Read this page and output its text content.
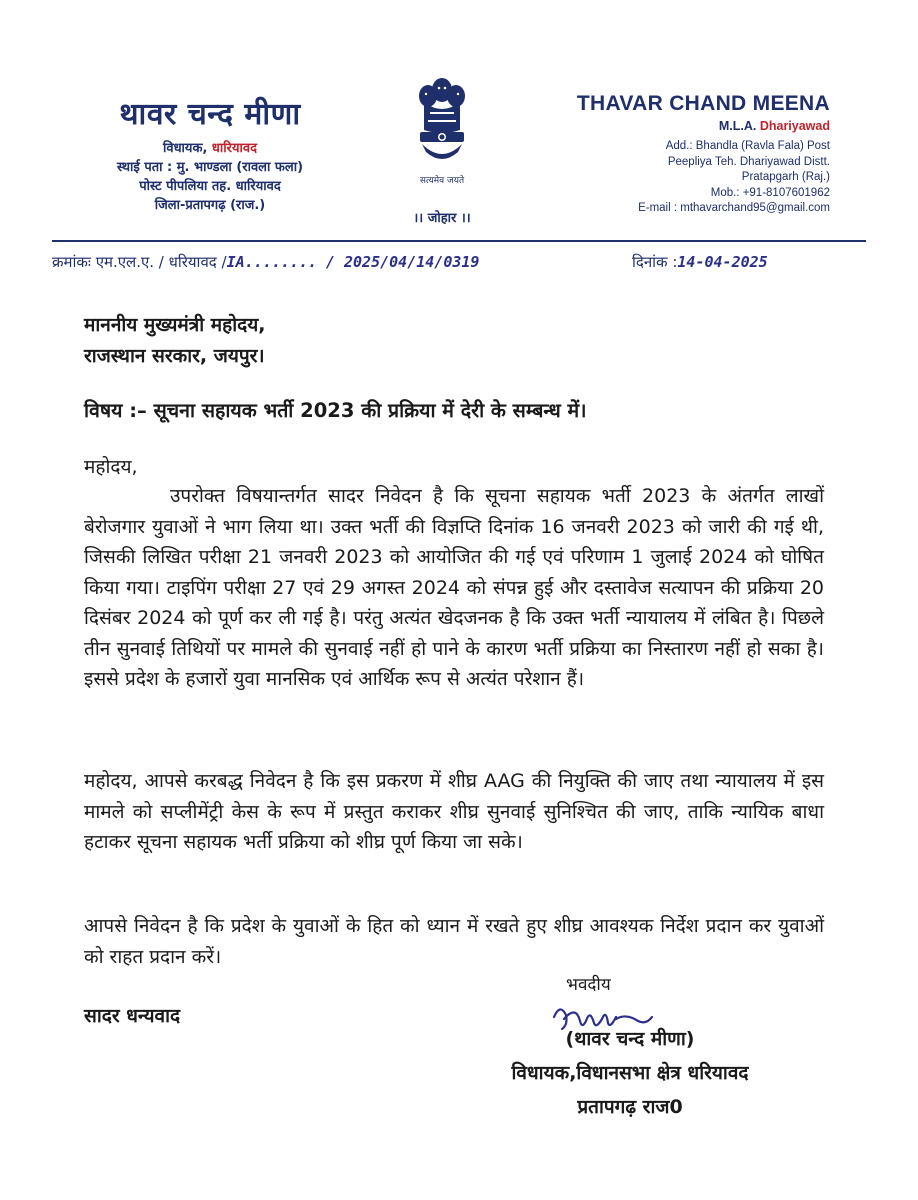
थावर चन्द मीणा
विधायक, धारियावद
स्थाई पता : मु. भाण्डला (रावला फला)
पोस्ट पीपलिया तह. धारियावद
जिला-प्रतापगढ़ (राज.)
सत्यमेव जयते
।। जोहार ।।
THAVAR CHAND MEENA
M.L.A. Dhariyawad
Add.: Bhandla (Ravla Fala) Post
Peepliya Teh. Dhariyawad Distt.
Pratapgarh (Raj.)
Mob.: +91-8107601962
E-mail : mthavarchand95@gmail.com
क्रमांकः एम.एल.ए. / धरियावद /IA........ / 2025/04/14/0319	दिनांक :14-04-2025
माननीय मुख्यमंत्री महोदय,
राजस्थान सरकार, जयपुर।
विषय :– सूचना सहायक भर्ती 2023 की प्रक्रिया में देरी के सम्बन्ध में।
महोदय,
उपरोक्त विषयान्तर्गत सादर निवेदन है कि सूचना सहायक भर्ती 2023 के अंतर्गत लाखों बेरोजगार युवाओं ने भाग लिया था। उक्त भर्ती की विज्ञप्ति दिनांक 16 जनवरी 2023 को जारी की गई थी, जिसकी लिखित परीक्षा 21 जनवरी 2023 को आयोजित की गई एवं परिणाम 1 जुलाई 2024 को घोषित किया गया। टाइपिंग परीक्षा 27 एवं 29 अगस्त 2024 को संपन्न हुई और दस्तावेज सत्यापन की प्रक्रिया 20 दिसंबर 2024 को पूर्ण कर ली गई है। परंतु अत्यंत खेदजनक है कि उक्त भर्ती न्यायालय में लंबित है। पिछले तीन सुनवाई तिथियों पर मामले की सुनवाई नहीं हो पाने के कारण भर्ती प्रक्रिया का निस्तारण नहीं हो सका है। इससे प्रदेश के हजारों युवा मानसिक एवं आर्थिक रूप से अत्यंत परेशान हैं।
महोदय, आपसे करबद्ध निवेदन है कि इस प्रकरण में शीघ्र AAG की नियुक्ति की जाए तथा न्यायालय में इस मामले को सप्लीमेंट्री केस के रूप में प्रस्तुत कराकर शीघ्र सुनवाई सुनिश्चित की जाए, ताकि न्यायिक बाधा हटाकर सूचना सहायक भर्ती प्रक्रिया को शीघ्र पूर्ण किया जा सके।
आपसे निवेदन है कि प्रदेश के युवाओं के हित को ध्यान में रखते हुए शीघ्र आवश्यक निर्देश प्रदान कर युवाओं को राहत प्रदान करें।
सादर धन्यवाद
भवदीय
(थावर चन्द मीणा)
विधायक,विधानसभा क्षेत्र धरियावद
प्रतापगढ़ राज0
